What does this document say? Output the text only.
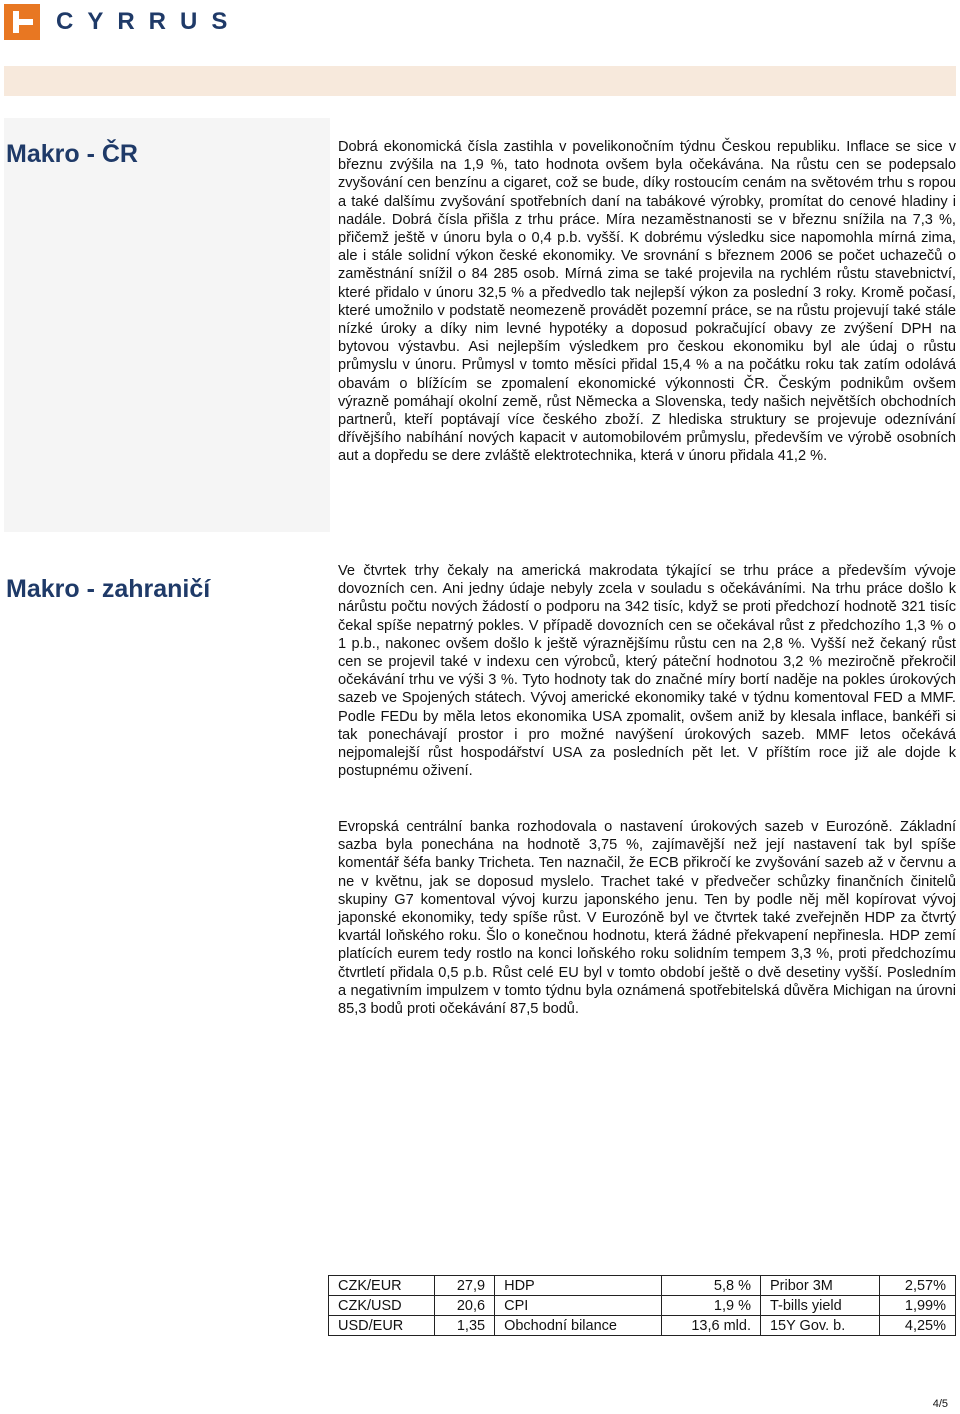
CYRRUS
Makro - ČR	Dobrá ekonomická čísla zastihla v povelikonočním týdnu Českou republiku. Inflace se sice v březnu zvýšila na 1,9 %, tato hodnota ovšem byla očekávána. Na růstu cen se podepsalo zvyšování cen benzínu a cigaret, což se bude, díky rostoucím cenám na světovém trhu s ropou a také dalšímu zvyšování spotřebních daní na tabákové výrobky, promítat do cenové hladiny i nadále. Dobrá čísla přišla z trhu práce. Míra nezaměstnanosti se v březnu snížila na 7,3 %, přičemž ještě v únoru byla o 0,4 p.b. vyšší. K dobrému výsledku sice napomohla mírná zima, ale i stále solidní výkon české ekonomiky. Ve srovnání s březnem 2006 se počet uchazečů o zaměstnání snížil o 84 285 osob. Mírná zima se také projevila na rychlém růstu stavebnictví, které přidalo v únoru 32,5 % a předvedlo tak nejlepší výkon za poslední 3 roky. Kromě počasí, které umožnilo v podstatě neomezeně provádět pozemní práce, se na růstu projevují také stále nízké úroky a díky nim levné hypotéky a doposud pokračující obavy ze zvýšení DPH na bytovou výstavbu. Asi nejlepším výsledkem pro českou ekonomiku byl ale údaj o růstu průmyslu v únoru. Průmysl v tomto měsíci přidal 15,4 % a na počátku roku tak zatím odolává obavám o blížícím se zpomalení ekonomické výkonnosti ČR. Českým podnikům ovšem výrazně pomáhají okolní země, růst Německa a Slovenska, tedy našich největších obchodních partnerů, kteří poptávají více českého zboží. Z hlediska struktury se projevuje odeznívání dřívějšího nabíhání nových kapacit v automobilovém průmyslu, především ve výrobě osobních aut a dopředu se dere zvláště elektrotechnika, která v únoru přidala 41,2 %.

Makro - zahraničí

Ve čtvrtek trhy čekaly na americká makrodata týkající se trhu práce a především vývoje dovozních cen. Ani jedny údaje nebyly zcela v souladu s očekáváními. Na trhu práce došlo k nárůstu počtu nových žádostí o podporu na 342 tisíc, když se proti předchozí hodnotě 321 tisíc čekal spíše nepatrný pokles. V případě dovozních cen se očekával růst z předchozího 1,3 % o 1 p.b., nakonec ovšem došlo k ještě výraznějšímu růstu cen na 2,8 %. Vyšší než čekaný růst cen se projevil také v indexu cen výrobců, který páteční hodnotou 3,2 % meziročně překročil očekávání trhu ve výši 3 %. Tyto hodnoty tak do značné míry bortí naděje na pokles úrokových sazeb ve Spojených státech. Vývoj americké ekonomiky také v týdnu komentoval FED a MMF. Podle FEDu by měla letos ekonomika USA zpomalit, ovšem aniž by klesala inflace, bankéři si tak ponechávají prostor i pro možné navýšení úrokových sazeb. MMF letos očekává nejpomalejší růst hospodářství USA za posledních pět let. V příštím roce již ale dojde k postupnému oživení.

Evropská centrální banka rozhodovala o nastavení úrokových sazeb v Eurozóně. Základní sazba byla ponechána na hodnotě 3,75 %, zajímavější než její nastavení tak byl spíše komentář šéfa banky Tricheta. Ten naznačil, že ECB přikročí ke zvyšování sazeb až v červnu a ne v květnu, jak se doposud myslelo. Trachet také v předvečer schůzky finančních činitelů skupiny G7 komentoval vývoj kurzu japonského jenu. Ten by podle něj měl kopírovat vývoj japonské ekonomiky, tedy spíše růst. V Eurozóně byl ve čtvrtek také zveřejněn HDP za čtvrtý kvartál loňského roku. Šlo o konečnou hodnotu, která žádné překvapení nepřinesla. HDP zemí platících eurem tedy rostlo na konci loňského roku solidním tempem 3,3 %, proti předchozímu čtvrtletí přidala 0,5 p.b. Růst celé EU byl v tomto období ještě o dvě desetiny vyšší. Posledním a negativním impulzem v tomto týdnu byla oznámená spotřebitelská důvěra Michigan na úrovni 85,3 bodů proti očekávání 87,5 bodů.

CZK/EUR	27,9	HDP	5,8 %	Pribor 3M	2,57%
CZK/USD	20,6	CPI	1,9 %	T-bills yield	1,99%
USD/EUR	1,35	Obchodní bilance	13,6 mld.	15Y Gov. b.	4,25%
4/5
